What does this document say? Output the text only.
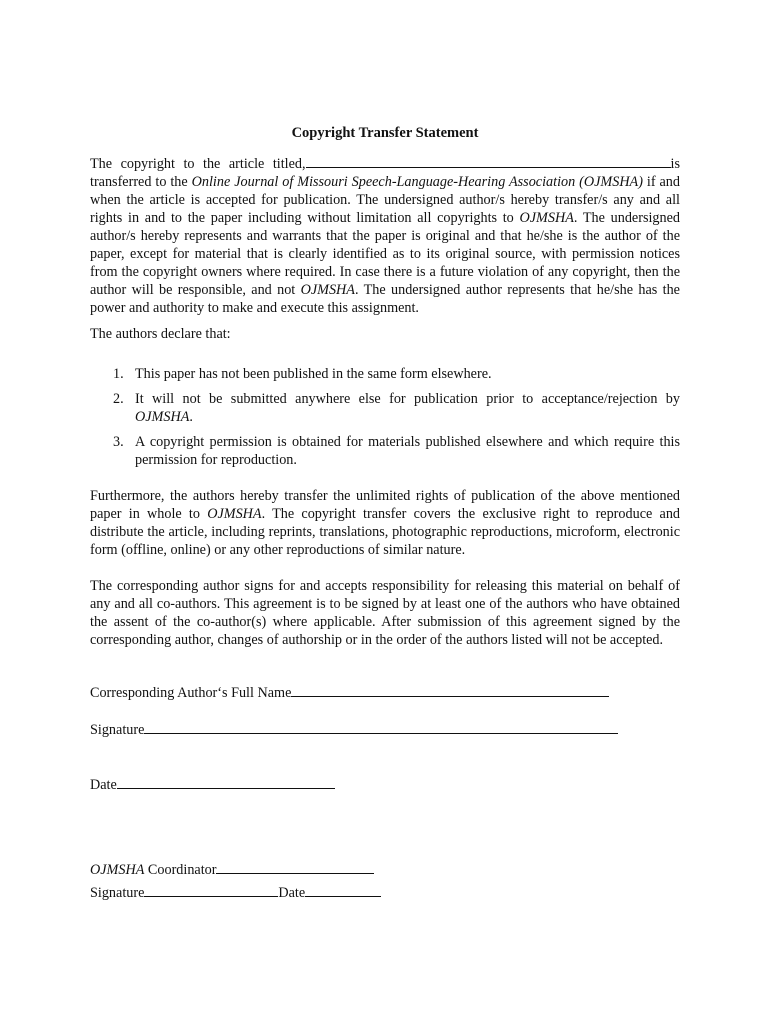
Copyright Transfer Statement

The copyright to the article titled,	is transferred to the Online Journal of Missouri Speech-Language-Hearing Association (OJMSHA) if and when the article is accepted for publication. The undersigned author/s hereby transfer/s any and all rights in and to the paper including without limitation all copyrights to OJMSHA. The undersigned author/s hereby represents and warrants that the paper is original and that he/she is the author of the paper, except for material that is clearly identified as to its original source, with permission notices from the copyright owners where required. In case there is a future violation of any copyright, then the author will be responsible, and not OJMSHA. The undersigned author represents that he/she has the power and authority to make and execute this assignment.

The authors declare that:

1. This paper has not been published in the same form elsewhere.
2. It will not be submitted anywhere else for publication prior to acceptance/rejection by OJMSHA.
3. A copyright permission is obtained for materials published elsewhere and which require this permission for reproduction.

Furthermore, the authors hereby transfer the unlimited rights of publication of the above mentioned paper in whole to OJMSHA. The copyright transfer covers the exclusive right to reproduce and distribute the article, including reprints, translations, photographic reproductions, microform, electronic form (offline, online) or any other reproductions of similar nature.

The corresponding author signs for and accepts responsibility for releasing this material on behalf of any and all co-authors. This agreement is to be signed by at least one of the authors who have obtained the assent of the co-author(s) where applicable. After submission of this agreement signed by the corresponding author, changes of authorship or in the order of the authors listed will not be accepted.

Corresponding Author‘s Full Name

Signature

Date

OJMSHA Coordinator

Signature	Date
